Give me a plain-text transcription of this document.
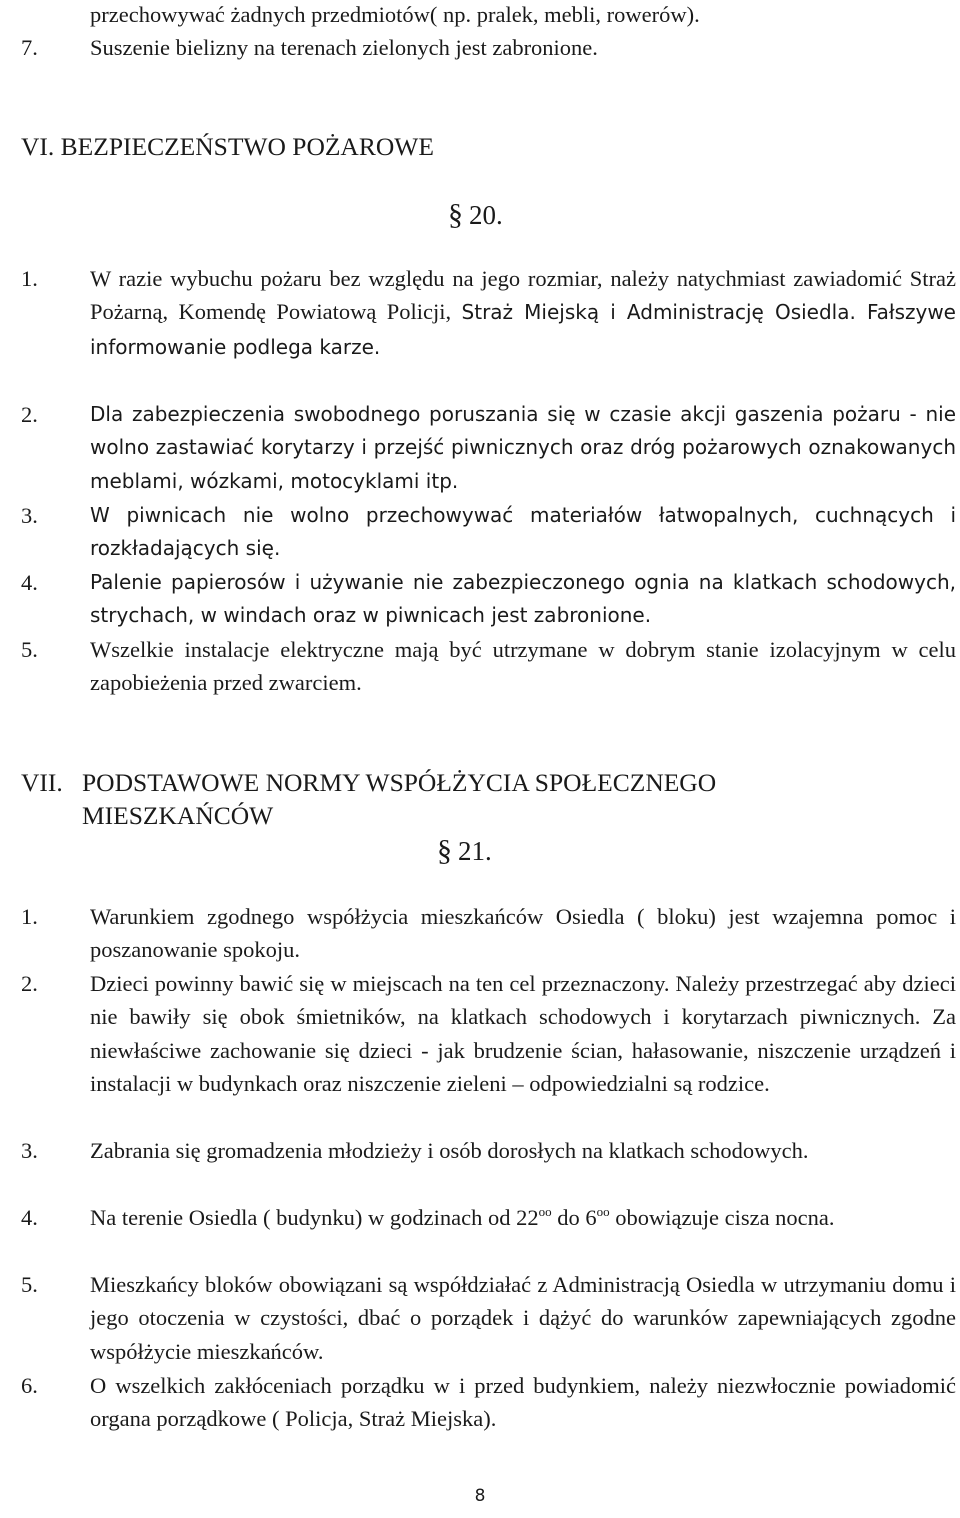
przechowywać żadnych przedmiotów( np. pralek, mebli, rowerów).
7. Suszenie bielizny na terenach zielonych jest zabronione.
VI. BEZPIECZEŃSTWO POŻAROWE
§ 20.
1. W razie wybuchu pożaru bez względu na jego rozmiar, należy natychmiast zawiadomić Straż Pożarną, Komendę Powiatową Policji, Straż Miejską i Administrację Osiedla. Fałszywe informowanie podlega karze.
2.	Dla zabezpieczenia swobodnego poruszania się w czasie akcji gaszenia pożaru - nie wolno zastawiać korytarzy i przejść piwnicznych oraz dróg pożarowych oznakowanych meblami, wózkami, motocyklami itp.
3.	W piwnicach nie wolno przechowywać materiałów łatwopalnych, cuchnących i rozkładających się.
4.	Palenie papierosów i używanie nie zabezpieczonego ognia na klatkach schodowych, strychach, w windach oraz w piwnicach jest zabronione.
5. Wszelkie instalacje elektryczne mają być utrzymane w dobrym stanie izolacyjnym w celu zapobieżenia przed zwarciem.
VII. PODSTAWOWE NORMY WSPÓŁŻYCIA SPOŁECZNEGO
MIESZKAŃCÓW
§ 21.
1. Warunkiem zgodnego współżycia mieszkańców Osiedla ( bloku) jest wzajemna pomoc i poszanowanie spokoju.
2. Dzieci powinny bawić się w miejscach na ten cel przeznaczony. Należy przestrzegać aby dzieci nie bawiły się obok śmietników, na klatkach schodowych i korytarzach piwnicznych. Za niewłaściwe zachowanie się dzieci - jak brudzenie ścian, hałasowanie, niszczenie urządzeń i instalacji w budynkach oraz niszczenie zieleni – odpowiedzialni są rodzice.
3. Zabrania się gromadzenia młodzieży i osób dorosłych na klatkach schodowych.
4. Na terenie Osiedla ( budynku) w godzinach od $22^{oo}$ do $6^{oo}$ obowiązuje cisza nocna.
5. Mieszkańcy bloków obowiązani są współdziałać z Administracją Osiedla w utrzymaniu domu i jego otoczenia w czystości, dbać o porządek i dążyć do warunków zapewniających zgodne współżycie mieszkańców.
6. O wszelkich zakłóceniach porządku w i przed budynkiem, należy niezwłocznie powiadomić organa porządkowe ( Policja, Straż Miejska).
8
